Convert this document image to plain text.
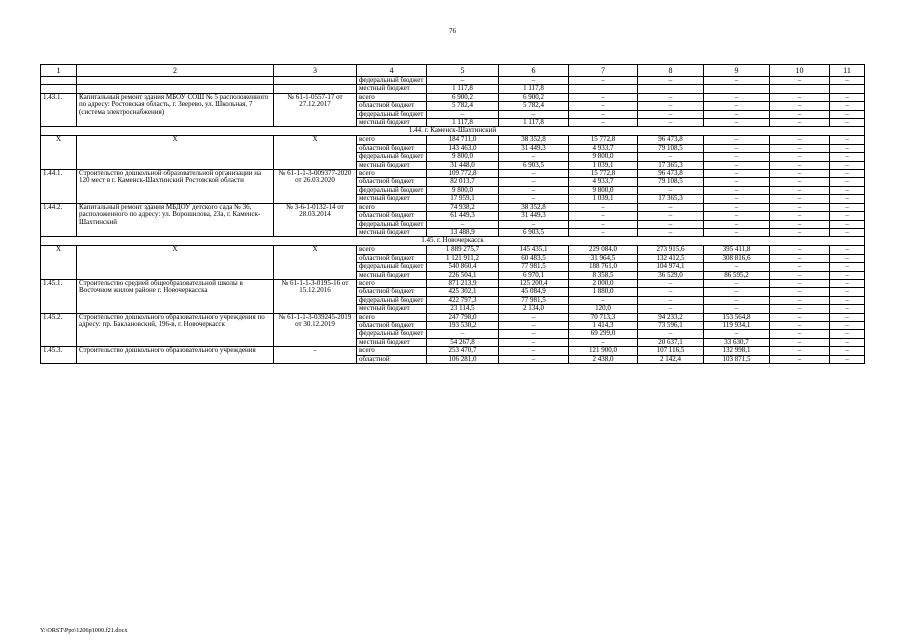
76
1	2	3	4	5	6	7	8	9	10	11
			федеральный бюджет	–	–	–	–	–	–	–
			местный бюджет	1 117,8	1 117,8					
1.43.1.	Капитальный ремонт здания МБОУ СОШ № 5 расположенного по адресу: Ростовская область, г. Зверево, ул. Школьная, 7 (система электроснабжения)	№ 61-1-0557-17 от 27.12.2017	всего	6 900,2	6 900,2	–	–	–	–	–
			областной бюджет	5 782,4	5 782,4	–	–	–	–	–
			федеральный бюджет	–	–	–	–	–	–	–
			местный бюджет	1 117,8	1 117,8	–	–	–	–	–
1.44. г. Каменск-Шахтинский										
Х	Х	Х	всего	184 711,0	38 352,8	15 772,8	96 473,8	–	–	–
			областной бюджет	143 463,0	31 449,3	4 933,7	79 108,5	–	–	–
			федеральный бюджет	9 800,0	–	9 800,0	–	–	–	–
			местный бюджет	31 448,0	6 903,5	1 039,1	17 365,3	–	–	–
1.44.1.	Строительство дошкольной образовательной организации на 120 мест в г. Каменск-Шахтинский Ростовской области	№ 61-1-1-3-009377-2020 от 26.03.2020	всего	109 772,8	–	15 772,8	96 473,8	–	–	–
			областной бюджет	82 013,7	–	4 933,7	79 108,5	–	–	–
			федеральный бюджет	9 800,0	–	9 800,0	–	–	–	–
			местный бюджет	17 959,1	–	1 039,1	17 365,3	–	–	–
1.44.2.	Капитальный ремонт здания МБДОУ детского сада № 36, расположенного по адресу: ул. Ворошилова, 23а, г. Каменск-Шахтинский	№ 3-6-1-0132-14 от 28.03.2014	всего	74 938,2	38 352,8	–	–	–	–	–
			областной бюджет	61 449,3	31 449,3	–	–	–	–	–
			федеральный бюджет	–	–	–	–	–	–	–
			местный бюджет	13 488,9	6 903,5	–	–	–	–	–
1.45. г. Новочеркасск										
Х	Х	Х	всего	1 889 275,7	145 435,1	229 084,0	273 915,6	395 411,8	–	–
			областной бюджет	1 121 911,2	60 483,5	31 964,5	132 412,5	308 816,6	–	–
			федеральный бюджет	540 860,4	77 981,5	188 761,0	104 974,1	–	–	–
			местный бюджет	226 504,1	6 970,1	8 358,5	36 529,0	86 595,2	–	–
1.45.1.	Строительство средней общеобразовательной школы в Восточном жилом районе г. Новочеркасска	№ 61-1-1-3-0195-16 от 15.12.2016	всего	871 213,9	125 200,4	2 000,0	–	–	–	–
			областной бюджет	425 302,1	45 084,9	1 880,0	–	–	–	–
			федеральный бюджет	422 797,3	77 981,5	–	–	–	–	–
			местный бюджет	23 114,5	2 134,0	120,0	–	–	–	–
1.45.2.	Строительство дошкольного образовательного учреждения по адресу: пр. Баклановский, 196-в, г. Новочеркасск	№ 61-1-1-3-039245-2019 от 30.12.2019	всего	247 798,0	–	70 713,3	94 233,2	153 564,8	–	–
			областной бюджет	193 530,2	–	1 414,3	73 596,1	119 934,1	–	–
			федеральный бюджет	–	–	69 299,0	–	–	–	–
			местный бюджет	54 267,8	–	–	20 637,1	33 630,7	–	–
1.45.3.	Строительство дошкольного образовательного учреждения	–	всего	253 470,7	–	121 900,0	107 116,5	132 998,1	–	–
			областной	106 281,0	–	2 438,0	2 142,4	103 871,5	–	–
Y:\ORST\Ppo\1206p1000.f21.docx
